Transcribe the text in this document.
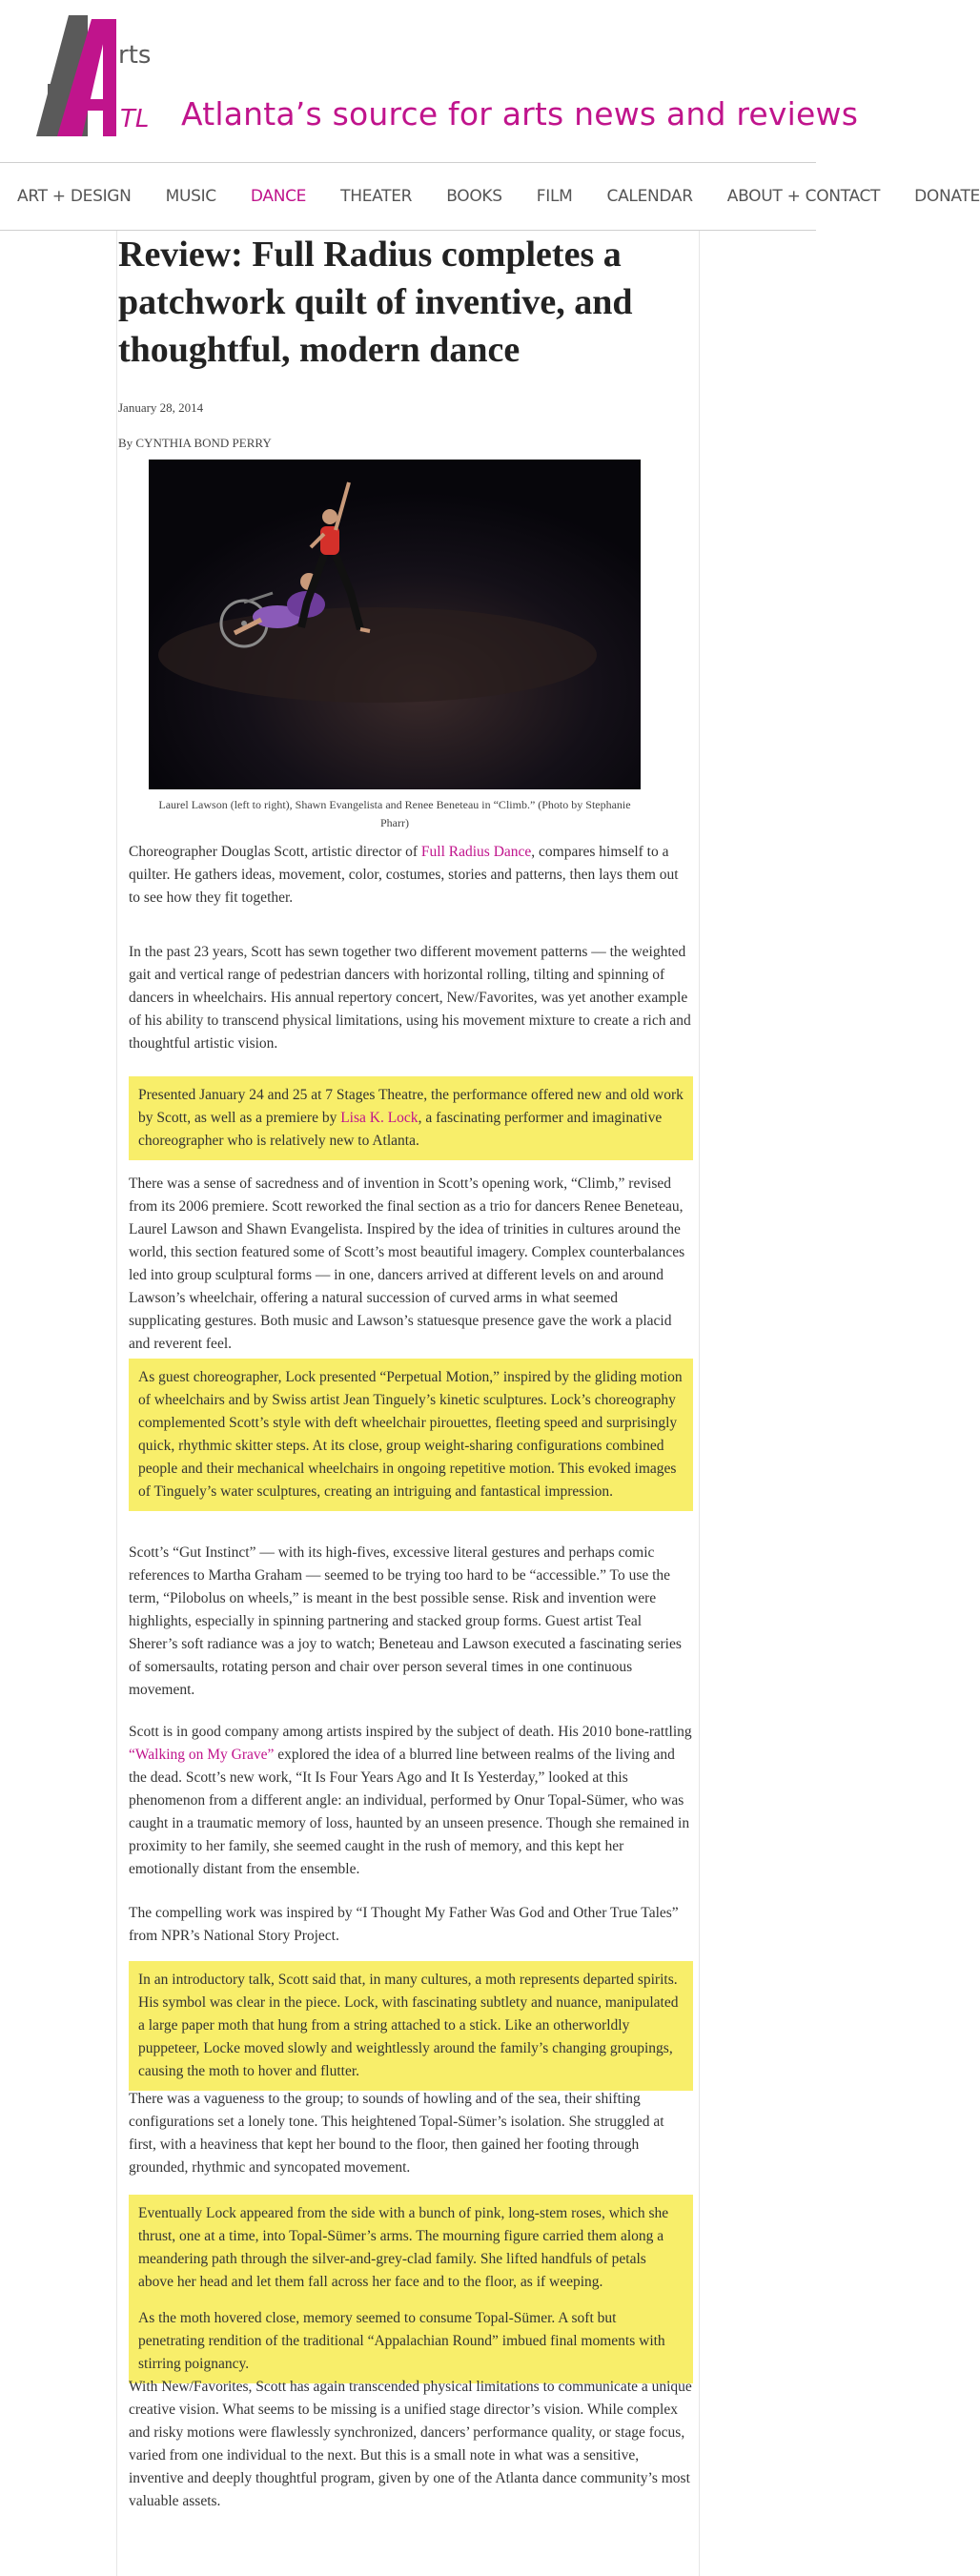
rts
TL Atlanta’s source for arts news and reviews
ART + DESIGN MUSIC DANCE THEATER BOOKS FILM CALENDAR ABOUT + CONTACT DONATE
Review: Full Radius completes a patchwork quilt of inventive, and thoughtful, modern dance
January 28, 2014
By CYNTHIA BOND PERRY
Laurel Lawson (left to right), Shawn Evangelista and Renee Beneteau in “Climb.” (Photo by Stephanie Pharr)

Choreographer Douglas Scott, artistic director of Full Radius Dance, compares himself to a quilter. He gathers ideas, movement, color, costumes, stories and patterns, then lays them out to see how they fit together.

In the past 23 years, Scott has sewn together two different movement patterns — the weighted gait and vertical range of pedestrian dancers with horizontal rolling, tilting and spinning of dancers in wheelchairs. His annual repertory concert, New/Favorites, was yet another example of his ability to transcend physical limitations, using his movement mixture to create a rich and thoughtful artistic vision.

Presented January 24 and 25 at 7 Stages Theatre, the performance offered new and old work by Scott, as well as a premiere by Lisa K. Lock, a fascinating performer and imaginative choreographer who is relatively new to Atlanta.

There was a sense of sacredness and of invention in Scott’s opening work, “Climb,” revised from its 2006 premiere. Scott reworked the final section as a trio for dancers Renee Beneteau, Laurel Lawson and Shawn Evangelista. Inspired by the idea of trinities in cultures around the world, this section featured some of Scott’s most beautiful imagery. Complex counterbalances led into group sculptural forms — in one, dancers arrived at different levels on and around Lawson’s wheelchair, offering a natural succession of curved arms in what seemed supplicating gestures. Both music and Lawson’s statuesque presence gave the work a placid and reverent feel.

As guest choreographer, Lock presented “Perpetual Motion,” inspired by the gliding motion of wheelchairs and by Swiss artist Jean Tinguely’s kinetic sculptures. Lock’s choreography complemented Scott’s style with deft wheelchair pirouettes, fleeting speed and surprisingly quick, rhythmic skitter steps. At its close, group weight-sharing configurations combined people and their mechanical wheelchairs in ongoing repetitive motion. This evoked images of Tinguely’s water sculptures, creating an intriguing and fantastical impression.

Scott’s “Gut Instinct” — with its high-fives, excessive literal gestures and perhaps comic references to Martha Graham — seemed to be trying too hard to be “accessible.” To use the term, “Pilobolus on wheels,” is meant in the best possible sense. Risk and invention were highlights, especially in spinning partnering and stacked group forms. Guest artist Teal Sherer’s soft radiance was a joy to watch; Beneteau and Lawson executed a fascinating series of somersaults, rotating person and chair over person several times in one continuous movement.

Scott is in good company among artists inspired by the subject of death. His 2010 bone-rattling “Walking on My Grave” explored the idea of a blurred line between realms of the living and the dead. Scott’s new work, “It Is Four Years Ago and It Is Yesterday,” looked at this phenomenon from a different angle: an individual, performed by Onur Topal-Sümer, who was caught in a traumatic memory of loss, haunted by an unseen presence. Though she remained in proximity to her family, she seemed caught in the rush of memory, and this kept her emotionally distant from the ensemble.

The compelling work was inspired by “I Thought My Father Was God and Other True Tales” from NPR’s National Story Project.

In an introductory talk, Scott said that, in many cultures, a moth represents departed spirits. His symbol was clear in the piece. Lock, with fascinating subtlety and nuance, manipulated a large paper moth that hung from a string attached to a stick. Like an otherworldly puppeteer, Locke moved slowly and weightlessly around the family’s changing groupings, causing the moth to hover and flutter.

There was a vagueness to the group; to sounds of howling and of the sea, their shifting configurations set a lonely tone. This heightened Topal-Sümer’s isolation. She struggled at first, with a heaviness that kept her bound to the floor, then gained her footing through grounded, rhythmic and syncopated movement.

Eventually Lock appeared from the side with a bunch of pink, long-stem roses, which she thrust, one at a time, into Topal-Sümer’s arms. The mourning figure carried them along a meandering path through the silver-and-grey-clad family. She lifted handfuls of petals above her head and let them fall across her face and to the floor, as if weeping.

As the moth hovered close, memory seemed to consume Topal-Sümer. A soft but penetrating rendition of the traditional “Appalachian Round” imbued final moments with stirring poignancy.

With New/Favorites, Scott has again transcended physical limitations to communicate a unique creative vision. What seems to be missing is a unified stage director’s vision. While complex and risky motions were flawlessly synchronized, dancers’ performance quality, or stage focus, varied from one individual to the next. But this is a small note in what was a sensitive, inventive and deeply thoughtful program, given by one of the Atlanta dance community’s most valuable assets.
